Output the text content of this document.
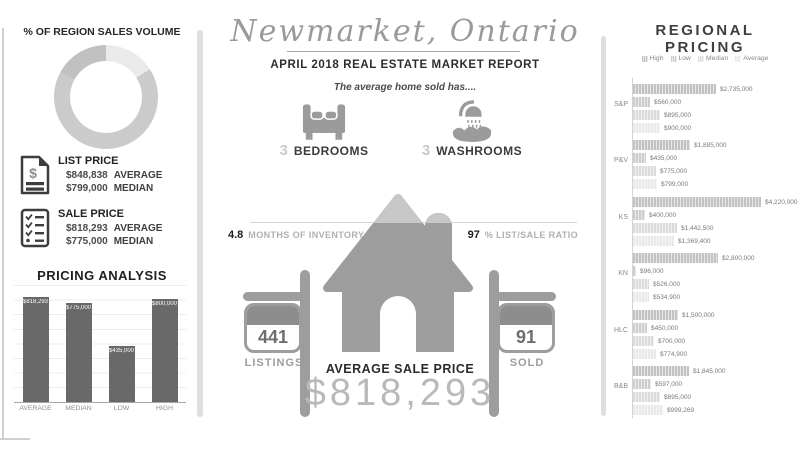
% OF REGION SALES VOLUME
$
LIST PRICE
$848,838 AVERAGE
$799,000 MEDIAN
SALE PRICE
$818,293 AVERAGE
$775,000 MEDIAN
PRICING ANALYSIS
$818,293
$775,000
$435,000
$800,000
AVERAGE	MEDIAN	LOW	HIGH
Newmarket, Ontario
APRIL 2018 REAL ESTATE MARKET REPORT
The average home sold has....
3 BEDROOMS	3 WASHROOMS
4.8 MONTHS OF INVENTORY	97 % LIST/SALE RATIO
441
LISTINGS
91
SOLD
AVERAGE SALE PRICE
$818,293
REGIONAL PRICING
High Low Median Average
S&P
$2,735,000
$560,000
$895,000
$900,000
P&V
$1,885,000
$435,000
$775,000
$799,000
KS
$4,220,000
$400,000
$1,442,500
$1,369,400
KN
$2,800,000
$96,000
$526,000
$534,900
HLC
$1,500,000
$450,000
$700,000
$774,900
B&B
$1,845,000
$597,000
$895,000
$999,269
